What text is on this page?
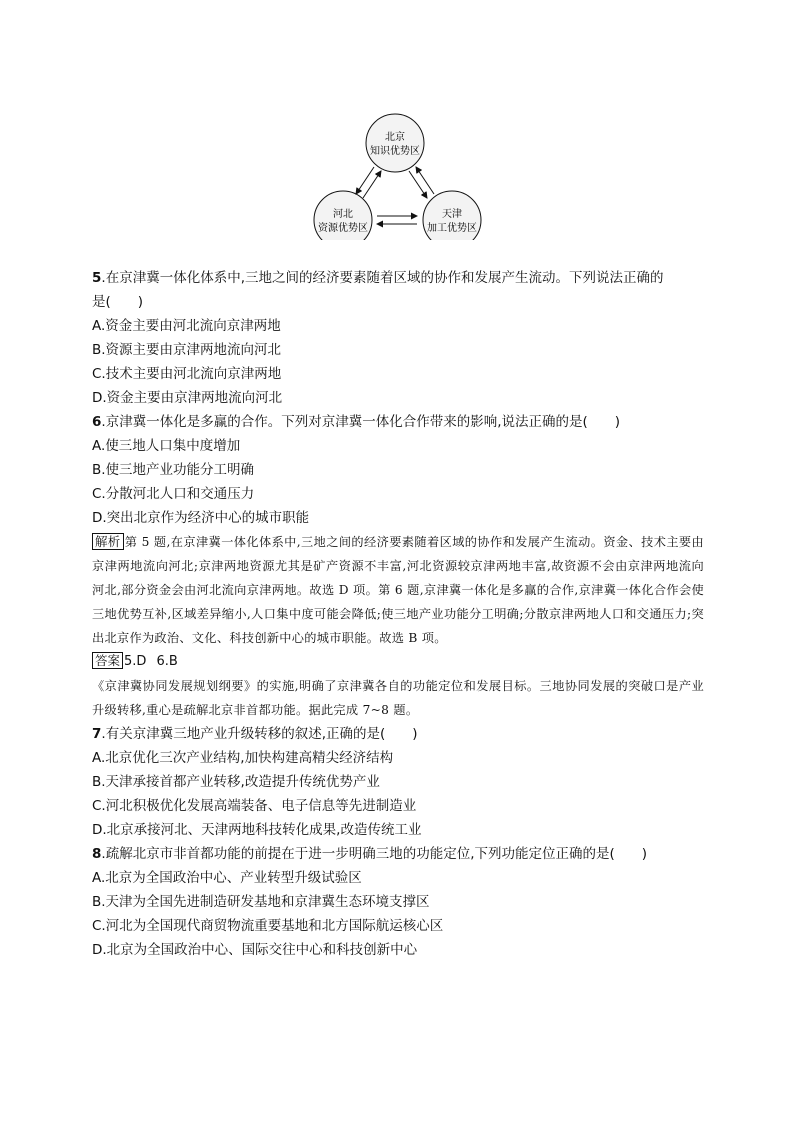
北京
知识优势区
河北
资源优势区
天津
加工优势区
5.在京津冀一体化体系中,三地之间的经济要素随着区域的协作和发展产生流动。下列说法正确的
是(　　)
A.资金主要由河北流向京津两地
B.资源主要由京津两地流向河北
C.技术主要由河北流向京津两地
D.资金主要由京津两地流向河北
6.京津冀一体化是多赢的合作。下列对京津冀一体化合作带来的影响,说法正确的是(　　)
A.使三地人口集中度增加
B.使三地产业功能分工明确
C.分散河北人口和交通压力
D.突出北京作为经济中心的城市职能
解析 第 5 题,在京津冀一体化体系中,三地之间的经济要素随着区域的协作和发展产生流动。资金、技术主要由京津两地流向河北;京津两地资源尤其是矿产资源不丰富,河北资源较京津两地丰富,故资源不会由京津两地流向河北,部分资金会由河北流向京津两地。故选 D 项。第 6 题,京津冀一体化是多赢的合作,京津冀一体化合作会使三地优势互补,区域差异缩小,人口集中度可能会降低;使三地产业功能分工明确;分散京津两地人口和交通压力;突出北京作为政治、文化、科技创新中心的城市职能。故选 B 项。
答案 5.D 6.B
《京津冀协同发展规划纲要》的实施,明确了京津冀各自的功能定位和发展目标。三地协同发展的突破口是产业升级转移,重心是疏解北京非首都功能。据此完成 7~8 题。
7.有关京津冀三地产业升级转移的叙述,正确的是(　　)
A.北京优化三次产业结构,加快构建高精尖经济结构
B.天津承接首都产业转移,改造提升传统优势产业
C.河北积极优化发展高端装备、电子信息等先进制造业
D.北京承接河北、天津两地科技转化成果,改造传统工业
8.疏解北京市非首都功能的前提在于进一步明确三地的功能定位,下列功能定位正确的是(　　)
A.北京为全国政治中心、产业转型升级试验区
B.天津为全国先进制造研发基地和京津冀生态环境支撑区
C.河北为全国现代商贸物流重要基地和北方国际航运核心区
D.北京为全国政治中心、国际交往中心和科技创新中心
